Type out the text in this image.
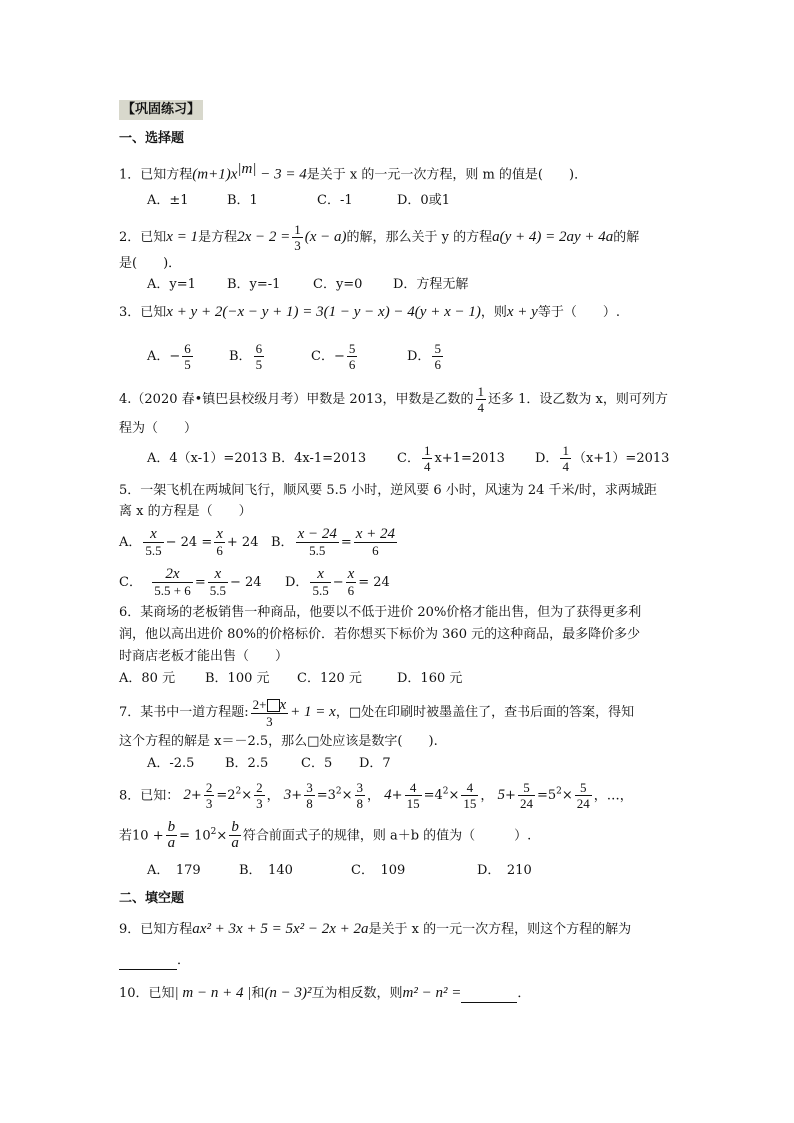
【巩固练习】
一、选择题
1．已知方程$(m+1)x^{|m|} - 3 = 4$是关于 x 的一元一次方程，则 m 的值是(　　)．
A．±1	B．1	C．-1	D．0或1
2．已知x = 1是方程$2x - 2 = \frac{1}{3} (x - a)$的解，那么关于 y 的方程a(y + 4) = 2ay + 4a的解
是(　　)．
A．y=1 B．y=-1	C．y=0 D．方程无解
3．已知x + y + 2(−x − y + 1) = 3(1 − y − x) − 4(y + x − 1)，则x + y等于（　　）.
A．− $\frac{6}{5}$	B． $\frac{6}{5}$	C．− $\frac{5}{6}$	D． $\frac{5}{6}$
4.（2020 春•镇巴县校级月考）甲数是 2013，甲数是乙数的 $\frac{1}{4}$ 还多 1．设乙数为 x，则可列方
程为（　　）
A．4（x-1）=2013 B．4x-1=2013 C． $\frac{1}{4} x+1=2013$ D． $\frac{1}{4} (x+1)=2013$
5．一架飞机在两城间飞行，顺风要 5.5 小时，逆风要 6 小时，风速为 24 千米/时，求两城距
离 x 的方程是（　　）
A． $\frac{x}{5.5} - 24 = \frac{x}{6} + 24$ B． $\frac{x - 24}{5.5} = \frac{x + 24}{6}$
C． $\frac{2x}{5.5 + 6} = \frac{x}{5.5} - 24$ D． $\frac{x}{5.5} - \frac{x}{6} = 24$
6．某商场的老板销售一种商品，他要以不低于进价 20%价格才能出售，但为了获得更多利
润，他以高出进价 80%的价格标价．若你想买下标价为 360 元的这种商品，最多降价多少
时商店老板才能出售（　　）
A．80 元 B．100 元 C．120 元	D．160 元
7．某书中一道方程题: $\frac{2+ x}{3} + 1 = x$，□处在印刷时被墨盖住了，查书后面的答案，得知
这个方程的解是 x＝－2.5，那么□处应该是数字(　　).
A．-2.5 B．2.5	C．5 D．7
8．已知： $2+ \frac{2}{3} =2^2\times \frac{2}{3}$ ， $3+ \frac{3}{8} =3^2\times \frac{3}{8}$ ， $4+ \frac{4}{15} =4^2\times \frac{4}{15}$ ， $5+ \frac{5}{24} =5^2\times \frac{5}{24}$ ，…，
若$10 + \frac{b}{a} = 10^2\times \frac{b}{a}$ 符合前面式子的规律，则 a＋b 的值为（　　　）.
A．　179	B．　140	C．　109	D．　210
二、填空题
9．已知方程ax² + 3x + 5 = 5x² − 2x + 2a是关于 x 的一元一次方程，则这个方程的解为
．
10．已知| m − n + 4 |和(n − 3)²互为相反数，则m² − n² =	．
